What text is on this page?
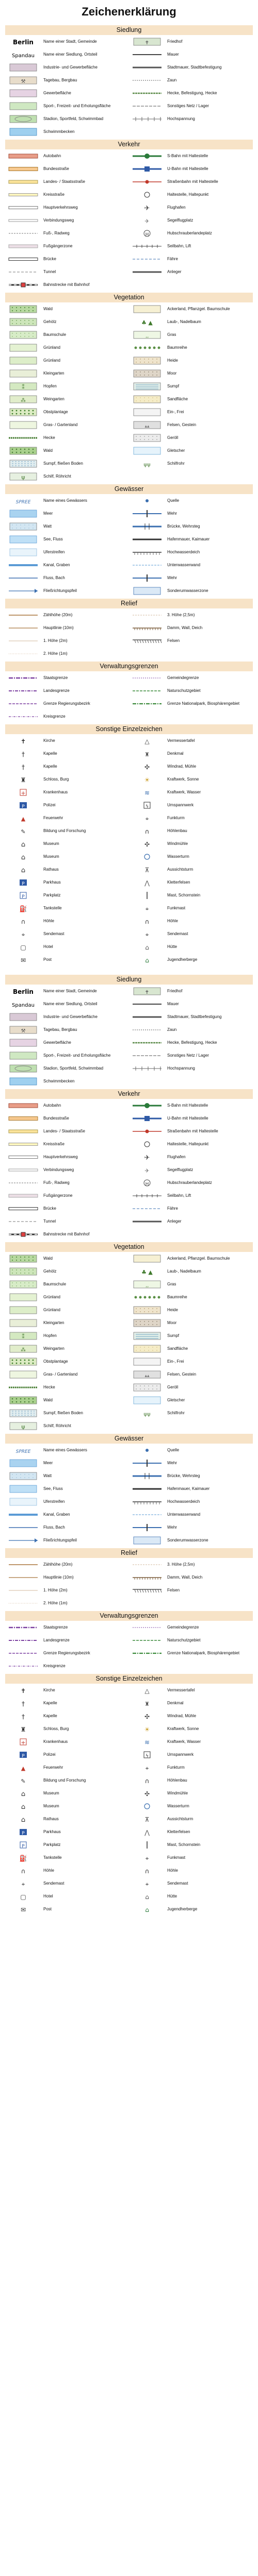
Zeichenerklärung
Siedlung
Berlin Name einer Stadt, Gemeinde	✝	Friedhof
Spandau Name einer Siedlung, Ortsteil	Mauer
Industrie- und Gewerbefläche	Stadtmauer, Stadtbefestigung
⚒	Tagebau, Bergbau	Zaun
Gewerbefläche	Hecke, Befestigung, Hecke
Sport-, Freizeit- und Erholungsfläche	Sonstiges Netz / Lager
Stadion, Sportfeld, Schwimmbad	Hochspannung
Schwimmbecken
Verkehr
Autobahn	S-Bahn mit Haltestelle
Bundesstraße	U-Bahn mit Haltestelle
Landes- / Staatsstraße	Straßenbahn mit Haltestelle
Kreisstraße	Haltestelle, Haltepunkt
Hauptverkehrsweg	✈	Flughafen
Verbindungsweg	✈	Segelflugplatz
Fuß-, Radweg	H	Hubschrauberlandeplatz
Fußgängerzone	Seilbahn, Lift
Brücke	Fähre
Tunnel	Anleger
Bahnstrecke mit Bahnhof
Vegetation
Wald	Ackerland, Pflanzgel. Baumschule
Gehölz	♣ ▲	Laub-, Nadelbaum
Baumschule	‚‚	Gras
Grünland	Baumreihe
Grünland	Heide
Kleingarten	Moor
⁑	Hopfen	Sumpf
⁂	Weingarten	Sandfläche
Obstplantage	Ein-, Frei
Gras- / Gartenland	▴▴	Felsen, Gestein
Hecke	Geröll
Wald	Gletscher
Sumpf, fließen Boden	ψψ	Schilfrohr
ψ	Schilf, Röhricht
Gewässer
SPREE	Name eines Gewässers	Quelle
Meer	Wehr
Watt	Brücke, Wehrsteg
See, Fluss	Hafenmauer, Kaimauer
Uferstreifen	Hochwasserdeich
Kanal, Graben	Unterwasserwand
Fluss, Bach	Wehr
Fließrichtungspfeil	Sonderumwasserzone
Relief
Zählhöhe (20m)	3. Höhe (2,5m)
Hauptlinie (10m)	Damm, Wall, Deich
1. Höhe (2m)	Felsen
2. Höhe (1m)
Verwaltungsgrenzen
Staatsgrenze	Gemeindegrenze
Landesgrenze	Naturschutzgebiet
Grenze Regierungsbezirk	Grenze Nationalpark, Biosphärengebiet
Kreisgrenze
Sonstige Einzelzeichen
✝	Kirche	△	Vermessertafel
†	Kapelle	♜	Denkmal
†	Kapelle	✣	Windrad, Mühle
♜	Schloss, Burg	☀	Kraftwerk, Sonne
+	Krankenhaus	≋	Kraftwerk, Wasser
P	Polizei	ϟ	Umspannwerk
▲	Feuerwehr	⌖	Funkturm
✎	Bildung und Forschung	∩	Höhlenbau
⌂	Museum	✣	Windmühle
⌂	Museum	Wasserturm
⌂	Rathaus	⊼	Aussichtsturm
P	Parkhaus	⋀	Kletterfelsen
P	Parkplatz	Mast, Schornstein
⛽	Tankstelle	⌖	Funkmast
∩	Höhle	∩	Höhle
⌖	Sendemast	⌖	Sendemast
▢	Hotel	⌂	Hütte
✉	Post	⌂	Jugendherberge
Siedlung
Berlin Name einer Stadt, Gemeinde	✝	Friedhof
Spandau Name einer Siedlung, Ortsteil	Mauer
Industrie- und Gewerbefläche	Stadtmauer, Stadtbefestigung
⚒	Tagebau, Bergbau	Zaun
Gewerbefläche	Hecke, Befestigung, Hecke
Sport-, Freizeit- und Erholungsfläche	Sonstiges Netz / Lager
Stadion, Sportfeld, Schwimmbad	Hochspannung
Schwimmbecken
Verkehr
Autobahn	S-Bahn mit Haltestelle
Bundesstraße	U-Bahn mit Haltestelle
Landes- / Staatsstraße	Straßenbahn mit Haltestelle
Kreisstraße	Haltestelle, Haltepunkt
Hauptverkehrsweg	✈	Flughafen
Verbindungsweg	✈	Segelflugplatz
Fuß-, Radweg	H	Hubschrauberlandeplatz
Fußgängerzone	Seilbahn, Lift
Brücke	Fähre
Tunnel	Anleger
Bahnstrecke mit Bahnhof
Vegetation
Wald	Ackerland, Pflanzgel. Baumschule
Gehölz	♣ ▲	Laub-, Nadelbaum
Baumschule	‚‚	Gras
Grünland	Baumreihe
Grünland	Heide
Kleingarten	Moor
⁑	Hopfen	Sumpf
⁂	Weingarten	Sandfläche
Obstplantage	Ein-, Frei
Gras- / Gartenland	▴▴	Felsen, Gestein
Hecke	Geröll
Wald	Gletscher
Sumpf, fließen Boden	ψψ	Schilfrohr
ψ	Schilf, Röhricht
Gewässer
SPREE	Name eines Gewässers	Quelle
Meer	Wehr
Watt	Brücke, Wehrsteg
See, Fluss	Hafenmauer, Kaimauer
Uferstreifen	Hochwasserdeich
Kanal, Graben	Unterwasserwand
Fluss, Bach	Wehr
Fließrichtungspfeil	Sonderumwasserzone
Relief
Zählhöhe (20m)	3. Höhe (2,5m)
Hauptlinie (10m)	Damm, Wall, Deich
1. Höhe (2m)	Felsen
2. Höhe (1m)
Verwaltungsgrenzen
Staatsgrenze	Gemeindegrenze
Landesgrenze	Naturschutzgebiet
Grenze Regierungsbezirk	Grenze Nationalpark, Biosphärengebiet
Kreisgrenze
Sonstige Einzelzeichen
✝	Kirche	△	Vermessertafel
†	Kapelle	♜	Denkmal
†	Kapelle	✣	Windrad, Mühle
♜	Schloss, Burg	☀	Kraftwerk, Sonne
+	Krankenhaus	≋	Kraftwerk, Wasser
P	Polizei	ϟ	Umspannwerk
▲	Feuerwehr	⌖	Funkturm
✎	Bildung und Forschung	∩	Höhlenbau
⌂	Museum	✣	Windmühle
⌂	Museum	Wasserturm
⌂	Rathaus	⊼	Aussichtsturm
P	Parkhaus	⋀	Kletterfelsen
P	Parkplatz	Mast, Schornstein
⛽	Tankstelle	⌖	Funkmast
∩	Höhle	∩	Höhle
⌖	Sendemast	⌖	Sendemast
▢	Hotel	⌂	Hütte
✉	Post	⌂	Jugendherberge
